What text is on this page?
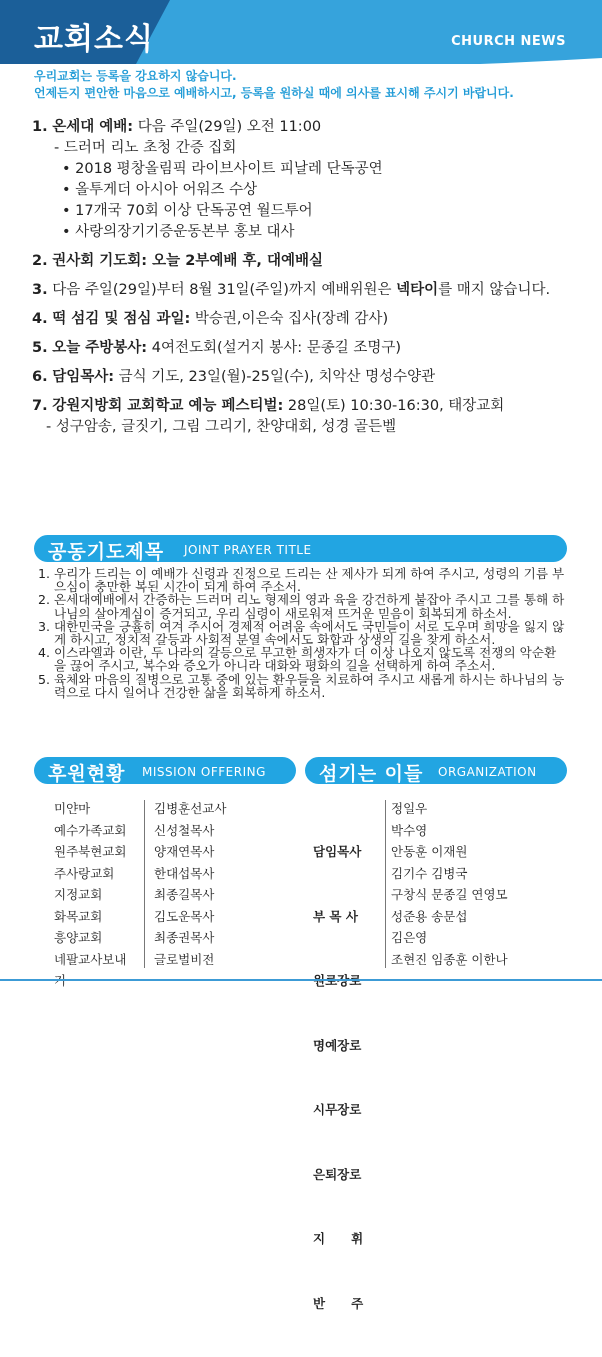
교회소식	CHURCH NEWS
우리교회는 등록을 강요하지 않습니다.
언제든지 편안한 마음으로 예배하시고, 등록을 원하실 때에 의사를 표시해 주시기 바랍니다.
1. 온세대 예배: 다음 주일(29일) 오전 11:00
- 드러머 리노 초청 간증 집회
• 2018 평창올림픽 라이브사이트 피날레 단독공연
• 올투게더 아시아 어워즈 수상
• 17개국 70회 이상 단독공연 월드투어
• 사랑의장기기증운동본부 홍보 대사
2. 권사회 기도회: 오늘 2부예배 후, 대예배실
3. 다음 주일(29일)부터 8월 31일(주일)까지 예배위원은 넥타이를 매지 않습니다.
4. 떡 섬김 및 점심 과일: 박승권,이은숙 집사(장례 감사)
5. 오늘 주방봉사: 4여전도회(설거지 봉사: 문종길 조명구)
6. 담임목사: 금식 기도, 23일(월)-25일(수), 치악산 명성수양관
7. 강원지방회 교회학교 예능 페스티벌: 28일(토) 10:30-16:30, 태장교회
- 성구암송, 글짓기, 그림 그리기, 찬양대회, 성경 골든벨
공동기도제목 JOINT PRAYER TITLE
1. 우리가 드리는 이 예배가 신령과 진정으로 드리는 산 제사가 되게 하여 주시고, 성령의 기름 부으심이 충만한 복된 시간이 되게 하여 주소서.
2. 온세대예배에서 간증하는 드러머 리노 형제의 영과 육을 강건하게 붙잡아 주시고 그를 통해 하나님의 살아계심이 증거되고, 우리 심령이 새로워져 뜨거운 믿음이 회복되게 하소서.
3. 대한민국을 긍휼히 여겨 주시어 경제적 어려움 속에서도 국민들이 서로 도우며 희망을 잃지 않게 하시고, 정치적 갈등과 사회적 분열 속에서도 화합과 상생의 길을 찾게 하소서.
4. 이스라엘과 이란, 두 나라의 갈등으로 무고한 희생자가 더 이상 나오지 않도록 전쟁의 악순환을 끊어 주시고, 복수와 증오가 아니라 대화와 평화의 길을 선택하게 하여 주소서.
5. 육체와 마음의 질병으로 고통 중에 있는 환우들을 치료하여 주시고 새롭게 하시는 하나님의 능력으로 다시 일어나 건강한 삶을 회복하게 하소서.
후원현황 MISSION OFFERING	섬기는 이들 ORGANIZATION
미얀마
예수가족교회
원주북현교회
주사랑교회
지정교회
화목교회
흥양교회
네팔교사보내
김병훈선교사
신성철목사
양재연목사
한대섭목사
최종길목사
김도운목사
최종권목사
글로벌비전

담임목사

부 목 사

명예장로

시무장로

은퇴장로

지      휘

반      주

정일우
박수영
안동훈 이재원
김기수 김병국
구창식 문종길 연영모
성준용 송문섭
김은영
조현진 임종훈 이한나
